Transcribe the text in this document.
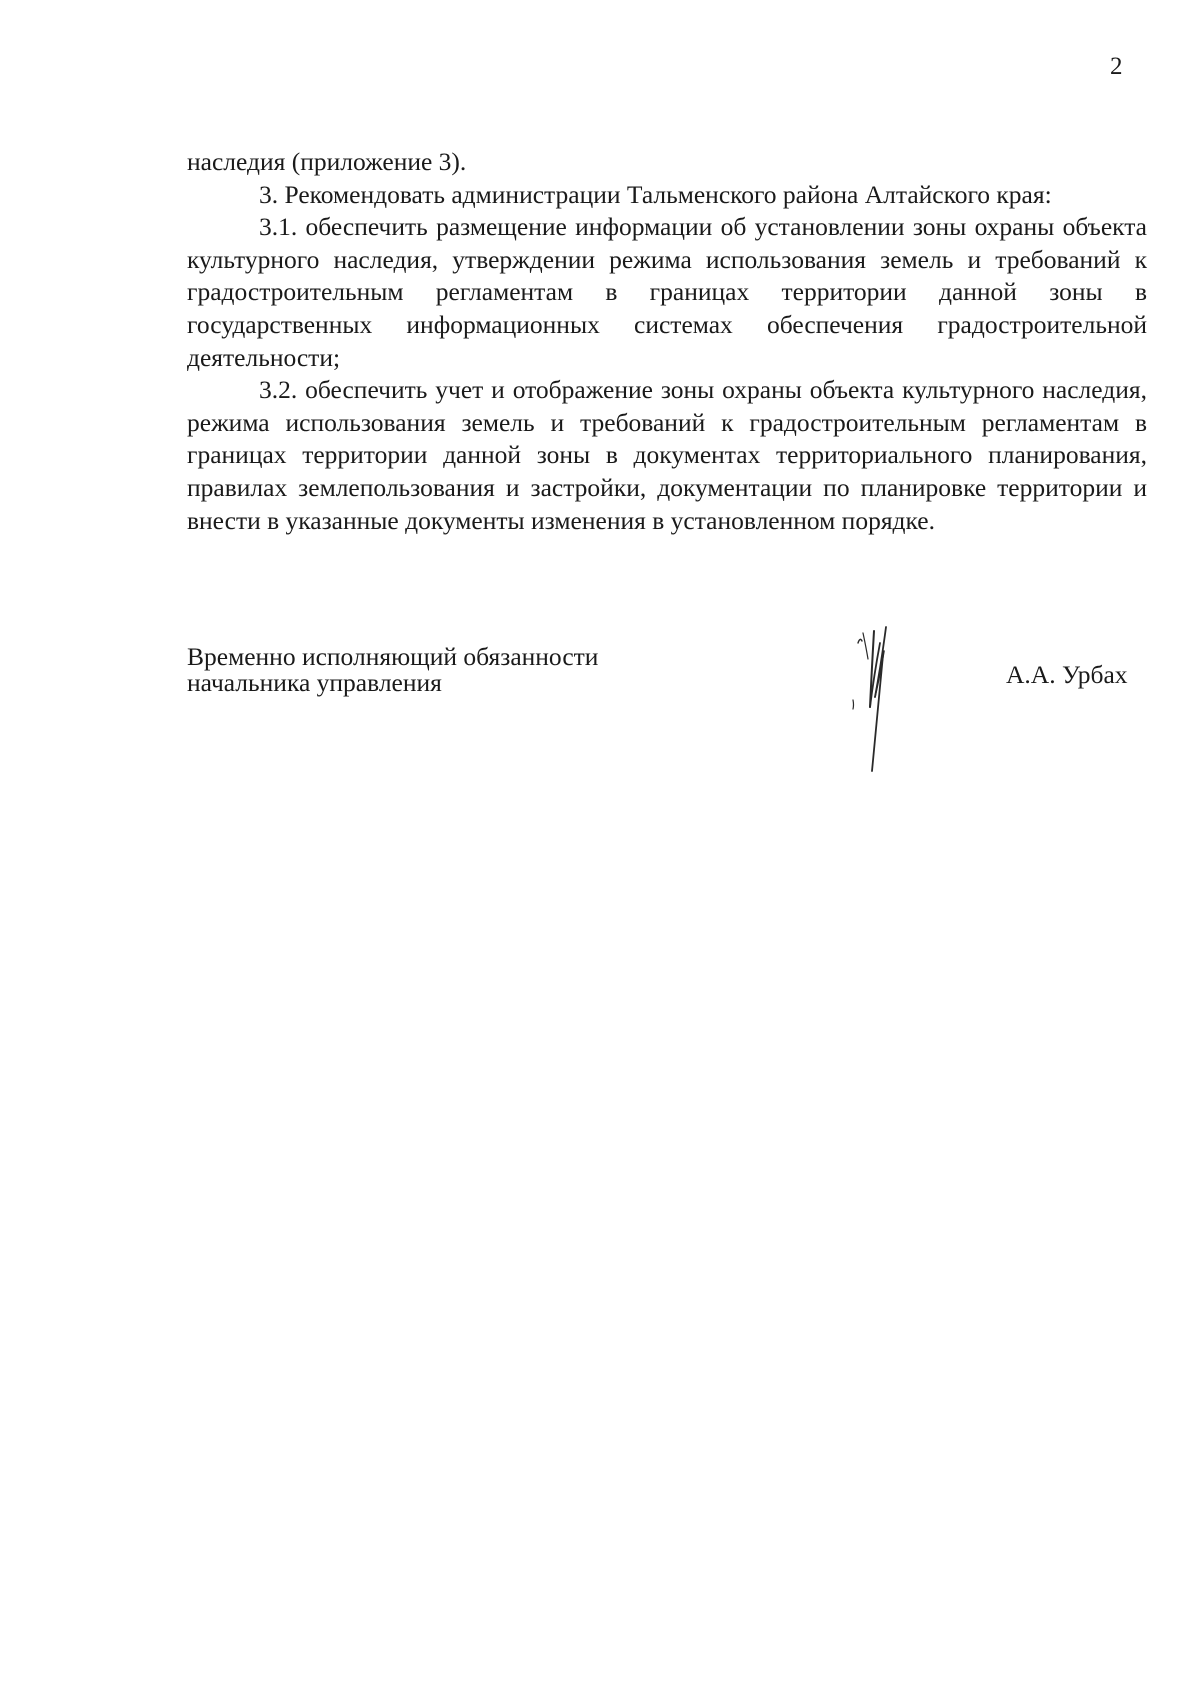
2

наследия (приложение 3).

3. Рекомендовать администрации Тальменского района Алтайского края:

3.1. обеспечить размещение информации об установлении зоны охраны объекта культурного наследия, утверждении режима использования земель и требований к градостроительным регламентам в границах территории данной зоны в государственных информационных системах обеспечения градостроительной деятельности;

3.2. обеспечить учет и отображение зоны охраны объекта культурного наследия, режима использования земель и требований к градостроительным регламентам в границах территории данной зоны в документах территориального планирования, правилах землепользования и застройки, документации по планировке территории и внести в указанные документы изменения в установленном порядке.

Временно исполняющий обязанности
начальника управления	А.А. Урбах
